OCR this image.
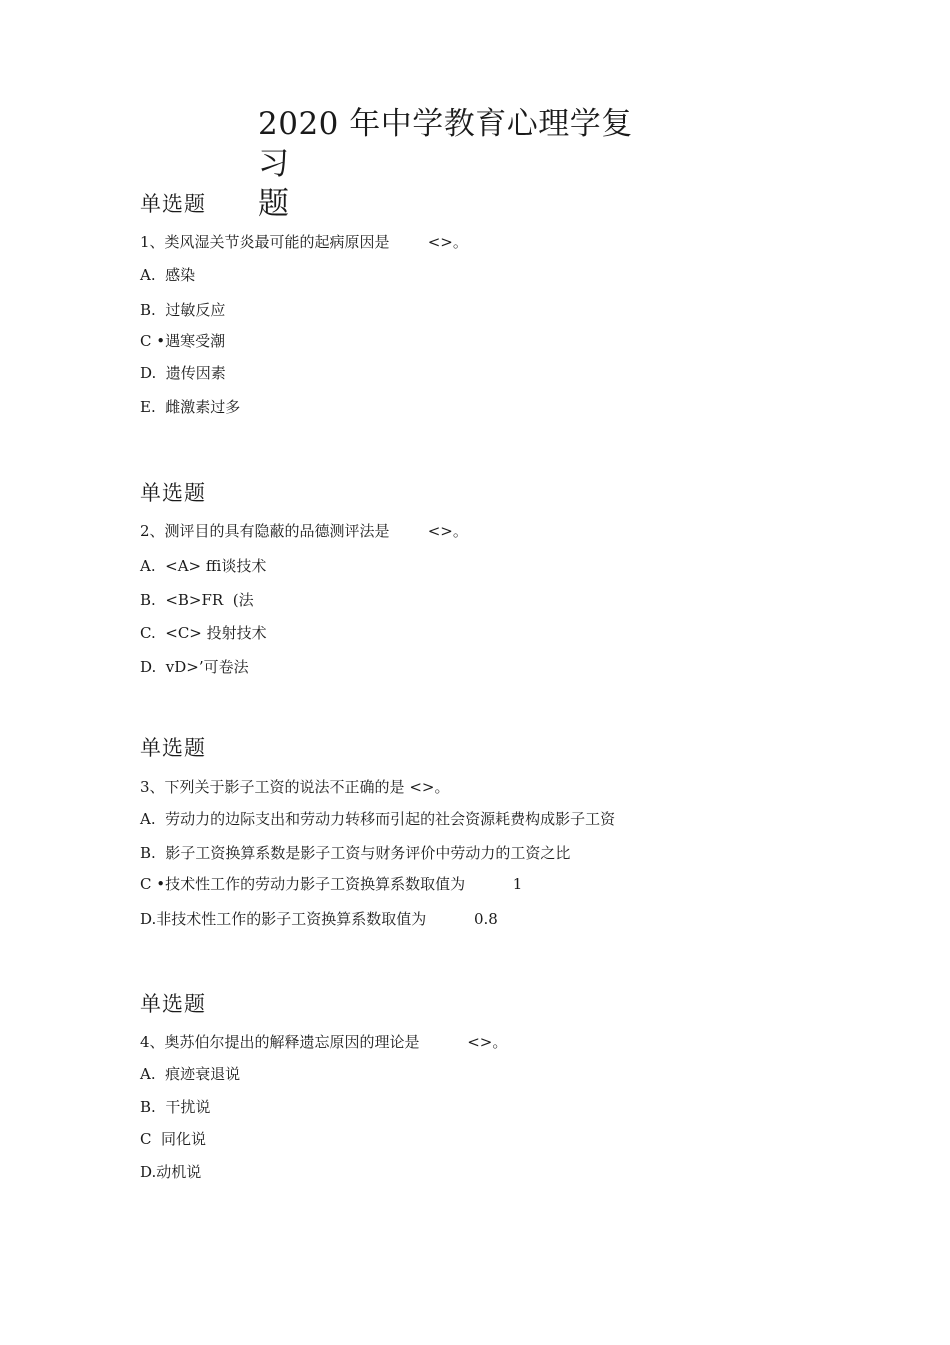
2020 年中学教育心理学复习
题
单选题

1、类风湿关节炎最可能的起病原因是        <>。

A.  感染

B.  过敏反应

C •遇寒受潮

D.  遗传因素

E.  雌激素过多

单选题

2、测评目的具有隐蔽的品德测评法是        <>。

A.  <A> ffi谈技术

B.  <B>FR  (法

C.  <C> 投射技术

D.  vD>’可卷法

单选题

3、下列关于影子工资的说法不正确的是 <>。

A.  劳动力的边际支出和劳动力转移而引起的社会资源耗费构成影子工资

B.  影子工资换算系数是影子工资与财务评价中劳动力的工资之比

C •技术性工作的劳动力影子工资换算系数取值为          1

D.非技术性工作的影子工资换算系数取值为          0.8

单选题

4、奥苏伯尔提出的解释遗忘原因的理论是          <>。

A.  痕迹衰退说

B.  干扰说

C  同化说

D.动机说
